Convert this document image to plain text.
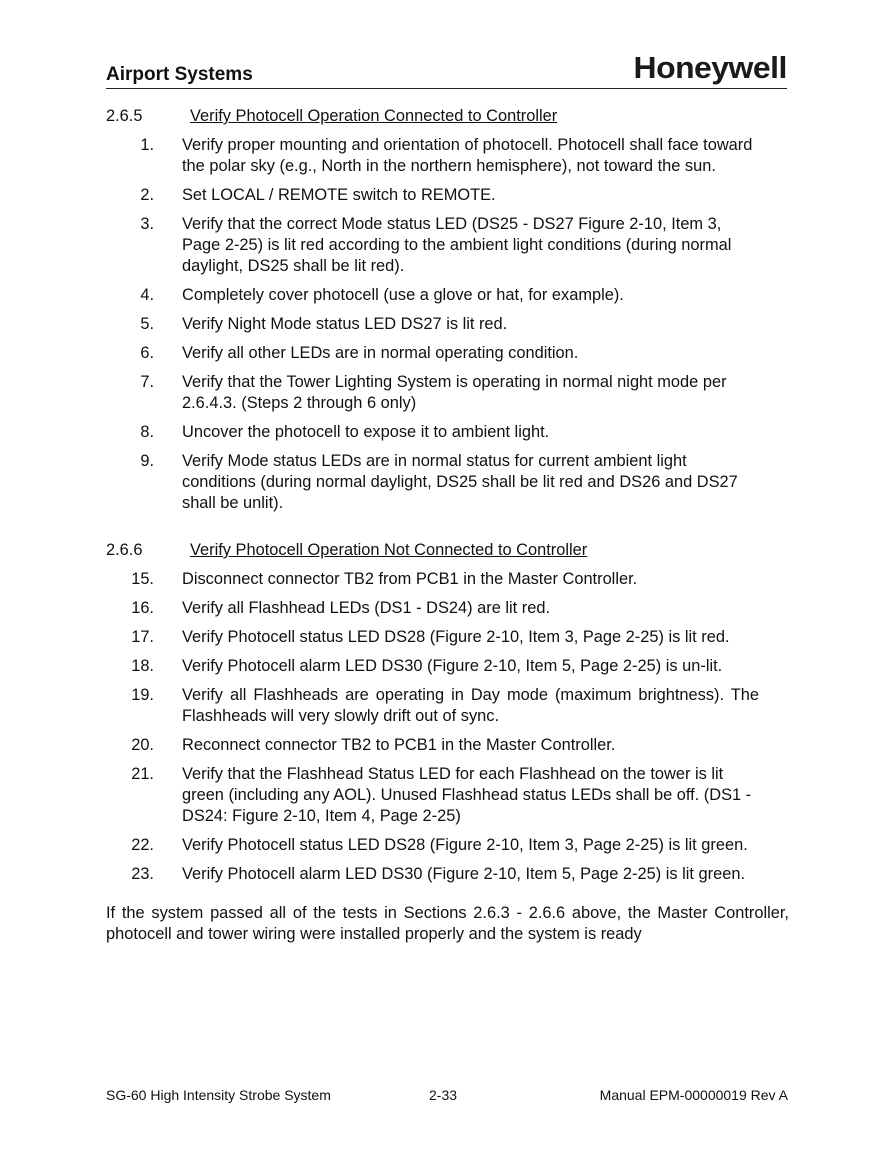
Airport Systems	Honeywell
2.6.5	Verify Photocell Operation Connected to Controller
1.	Verify proper mounting and orientation of photocell. Photocell shall face toward the polar sky (e.g., North in the northern hemisphere), not toward the sun.
2.	Set LOCAL / REMOTE switch to REMOTE.
3.	Verify that the correct Mode status LED (DS25 - DS27 Figure 2-10, Item 3, Page 2-25) is lit red according to the ambient light conditions (during normal daylight, DS25 shall be lit red).
4.	Completely cover photocell (use a glove or hat, for example).
5.	Verify Night Mode status LED DS27 is lit red.
6.	Verify all other LEDs are in normal operating condition.
7.	Verify that the Tower Lighting System is operating in normal night mode per 2.6.4.3. (Steps 2 through 6 only)
8.	Uncover the photocell to expose it to ambient light.
9.	Verify Mode status LEDs are in normal status for current ambient light conditions (during normal daylight, DS25 shall be lit red and DS26 and DS27 shall be unlit).
2.6.6	Verify Photocell Operation Not Connected to Controller
15.	Disconnect connector TB2 from PCB1 in the Master Controller.
16.	Verify all Flashhead LEDs (DS1 - DS24) are lit red.
17.	Verify Photocell status LED DS28 (Figure 2-10, Item 3, Page 2-25) is lit red.
18.	Verify Photocell alarm LED DS30 (Figure 2-10, Item 5, Page 2-25) is un-lit.
19.	Verify all Flashheads are operating in Day mode (maximum brightness). The Flashheads will very slowly drift out of sync.
20.	Reconnect connector TB2 to PCB1 in the Master Controller.
21.	Verify that the Flashhead Status LED for each Flashhead on the tower is lit green (including any AOL). Unused Flashhead status LEDs shall be off. (DS1 - DS24: Figure 2-10, Item 4, Page 2-25)
22.	Verify Photocell status LED DS28 (Figure 2-10, Item 3, Page 2-25) is lit green.
23.	Verify Photocell alarm LED DS30 (Figure 2-10, Item 5, Page 2-25) is lit green.
If the system passed all of the tests in Sections 2.6.3 - 2.6.6 above, the Master Controller, photocell and tower wiring were installed properly and the system is ready
SG-60 High Intensity Strobe System	2-33	Manual EPM-00000019 Rev A
